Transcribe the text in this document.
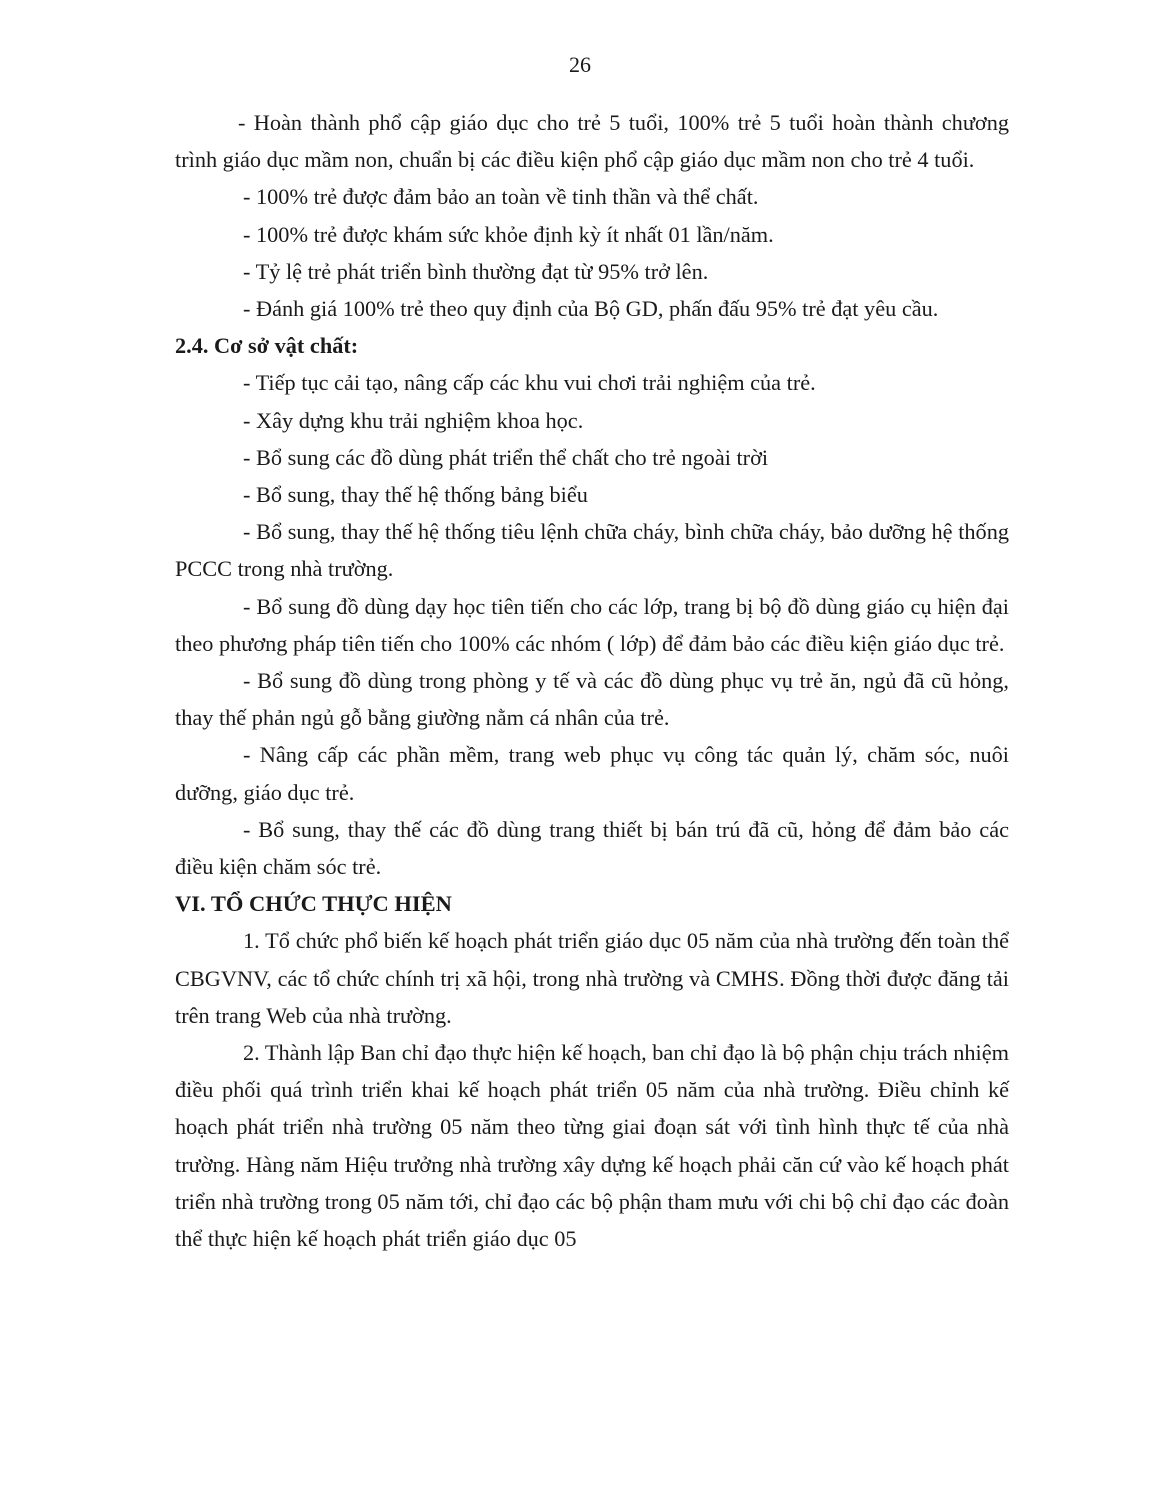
26

- Hoàn thành phổ cập giáo dục cho trẻ 5 tuổi, 100% trẻ 5 tuổi hoàn thành chương trình giáo dục mầm non, chuẩn bị các điều kiện phổ cập giáo dục mầm non cho trẻ 4 tuổi.

- 100% trẻ được đảm bảo an toàn về tinh thần và thể chất.

- 100% trẻ được khám sức khỏe định kỳ ít nhất 01 lần/năm.

- Tỷ lệ trẻ phát triển bình thường đạt từ 95% trở lên.

- Đánh giá 100% trẻ theo quy định của Bộ GD, phấn đấu 95% trẻ đạt yêu cầu.

2.4. Cơ sở vật chất:

- Tiếp tục cải tạo, nâng cấp các khu vui chơi trải nghiệm của trẻ.

- Xây dựng khu trải nghiệm khoa học.

- Bổ sung các đồ dùng phát triển thể chất cho trẻ ngoài trời

- Bổ sung, thay thế hệ thống bảng biểu

- Bổ sung, thay thế hệ thống tiêu lệnh chữa cháy, bình chữa cháy, bảo dưỡng hệ thống PCCC trong nhà trường.

- Bổ sung đồ dùng dạy học tiên tiến cho các lớp, trang bị bộ đồ dùng giáo cụ hiện đại theo phương pháp tiên tiến cho 100% các nhóm ( lớp) để đảm bảo các điều kiện giáo dục trẻ.

- Bổ sung đồ dùng trong phòng y tế và các đồ dùng phục vụ trẻ ăn, ngủ đã cũ hỏng, thay thế phản ngủ gỗ bằng giường nằm cá nhân của trẻ.

- Nâng cấp các phần mềm, trang web phục vụ công tác quản lý, chăm sóc, nuôi dưỡng, giáo dục trẻ.

- Bổ sung, thay thế các đồ dùng trang thiết bị bán trú đã cũ, hỏng để đảm bảo các điều kiện chăm sóc trẻ.

VI. TỔ CHỨC THỰC HIỆN

1. Tổ chức phổ biến kế hoạch phát triển giáo dục 05 năm của nhà trường đến toàn thể CBGVNV, các tổ chức chính trị xã hội, trong nhà trường và CMHS. Đồng thời được đăng tải trên trang Web của nhà trường.

2. Thành lập Ban chỉ đạo thực hiện kế hoạch, ban chỉ đạo là bộ phận chịu trách nhiệm điều phối quá trình triển khai kế hoạch phát triển 05 năm của nhà trường. Điều chỉnh kế hoạch phát triển nhà trường 05 năm theo từng giai đoạn sát với tình hình thực tế của nhà trường. Hàng năm Hiệu trưởng nhà trường xây dựng kế hoạch phải căn cứ vào kế hoạch phát triển nhà trường trong 05 năm tới, chỉ đạo các bộ phận tham mưu với chi bộ chỉ đạo các đoàn thể thực hiện kế hoạch phát triển giáo dục 05
